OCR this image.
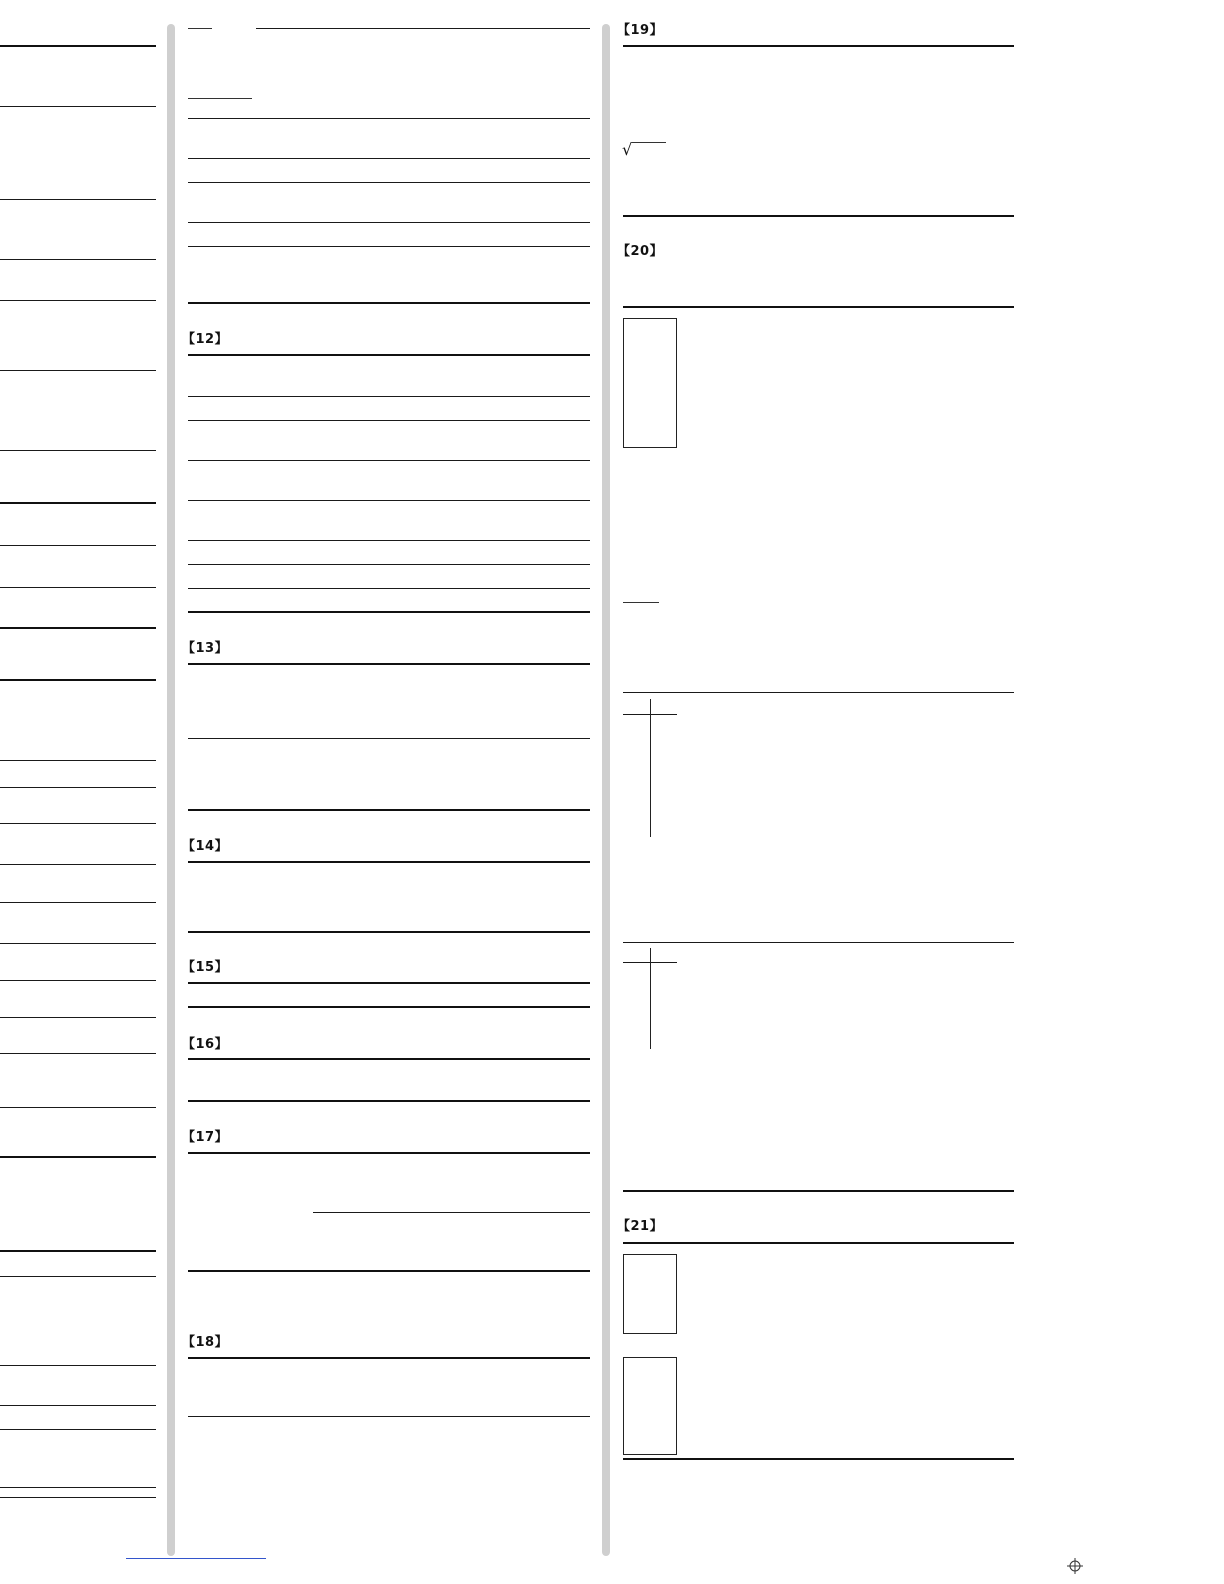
【12】
【13】
【14】
【15】
【16】
【17】
【18】
【19】
√
【20】
【21】
